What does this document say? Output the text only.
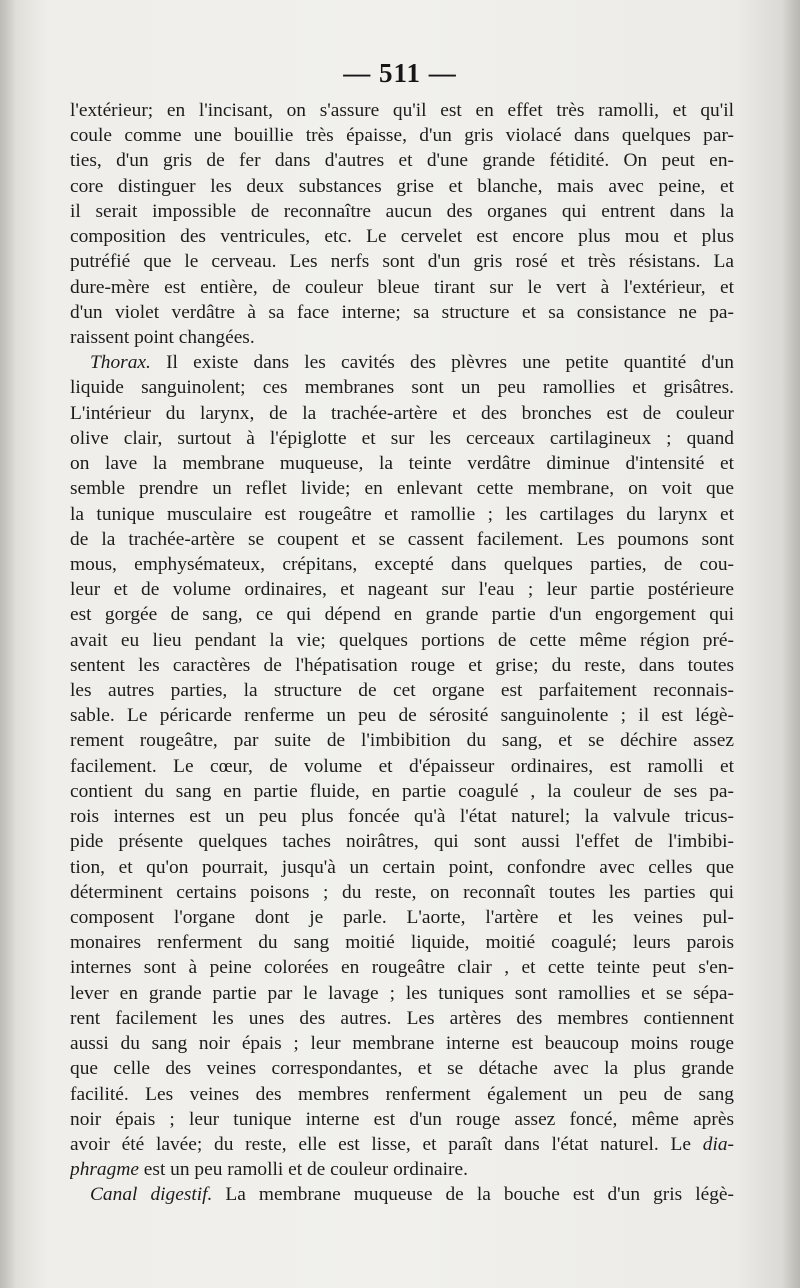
— 511 —
l'extérieur; en l'incisant, on s'assure qu'il est en effet très ramolli, et qu'il
coule comme une bouillie très épaisse, d'un gris violacé dans quelques par-
ties, d'un gris de fer dans d'autres et d'une grande fétidité. On peut en-
core distinguer les deux substances grise et blanche, mais avec peine, et
il serait impossible de reconnaître aucun des organes qui entrent dans la
composition des ventricules, etc. Le cervelet est encore plus mou et plus
putréfié que le cerveau. Les nerfs sont d'un gris rosé et très résistans. La
dure-mère est entière, de couleur bleue tirant sur le vert à l'extérieur, et
d'un violet verdâtre à sa face interne; sa structure et sa consistance ne pa-
raissent point changées.
Thorax. Il existe dans les cavités des plèvres une petite quantité d'un
liquide sanguinolent; ces membranes sont un peu ramollies et grisâtres.
L'intérieur du larynx, de la trachée-artère et des bronches est de couleur
olive clair, surtout à l'épiglotte et sur les cerceaux cartilagineux ; quand
on lave la membrane muqueuse, la teinte verdâtre diminue d'intensité et
semble prendre un reflet livide; en enlevant cette membrane, on voit que
la tunique musculaire est rougeâtre et ramollie ; les cartilages du larynx et
de la trachée-artère se coupent et se cassent facilement. Les poumons sont
mous, emphysémateux, crépitans, excepté dans quelques parties, de cou-
leur et de volume ordinaires, et nageant sur l'eau ; leur partie postérieure
est gorgée de sang, ce qui dépend en grande partie d'un engorgement qui
avait eu lieu pendant la vie; quelques portions de cette même région pré-
sentent les caractères de l'hépatisation rouge et grise; du reste, dans toutes
les autres parties, la structure de cet organe est parfaitement reconnais-
sable. Le péricarde renferme un peu de sérosité sanguinolente ; il est légè-
rement rougeâtre, par suite de l'imbibition du sang, et se déchire assez
facilement. Le cœur, de volume et d'épaisseur ordinaires, est ramolli et
contient du sang en partie fluide, en partie coagulé , la couleur de ses pa-
rois internes est un peu plus foncée qu'à l'état naturel; la valvule tricus-
pide présente quelques taches noirâtres, qui sont aussi l'effet de l'imbibi-
tion, et qu'on pourrait, jusqu'à un certain point, confondre avec celles que
déterminent certains poisons ; du reste, on reconnaît toutes les parties qui
composent l'organe dont je parle. L'aorte, l'artère et les veines pul-
monaires renferment du sang moitié liquide, moitié coagulé; leurs parois
internes sont à peine colorées en rougeâtre clair , et cette teinte peut s'en-
lever en grande partie par le lavage ; les tuniques sont ramollies et se sépa-
rent facilement les unes des autres. Les artères des membres contiennent
aussi du sang noir épais ; leur membrane interne est beaucoup moins rouge
que celle des veines correspondantes, et se détache avec la plus grande
facilité. Les veines des membres renferment également un peu de sang
noir épais ; leur tunique interne est d'un rouge assez foncé, même après
avoir été lavée; du reste, elle est lisse, et paraît dans l'état naturel. Le dia-
phragme est un peu ramolli et de couleur ordinaire.
Canal digestif. La membrane muqueuse de la bouche est d'un gris légè-
